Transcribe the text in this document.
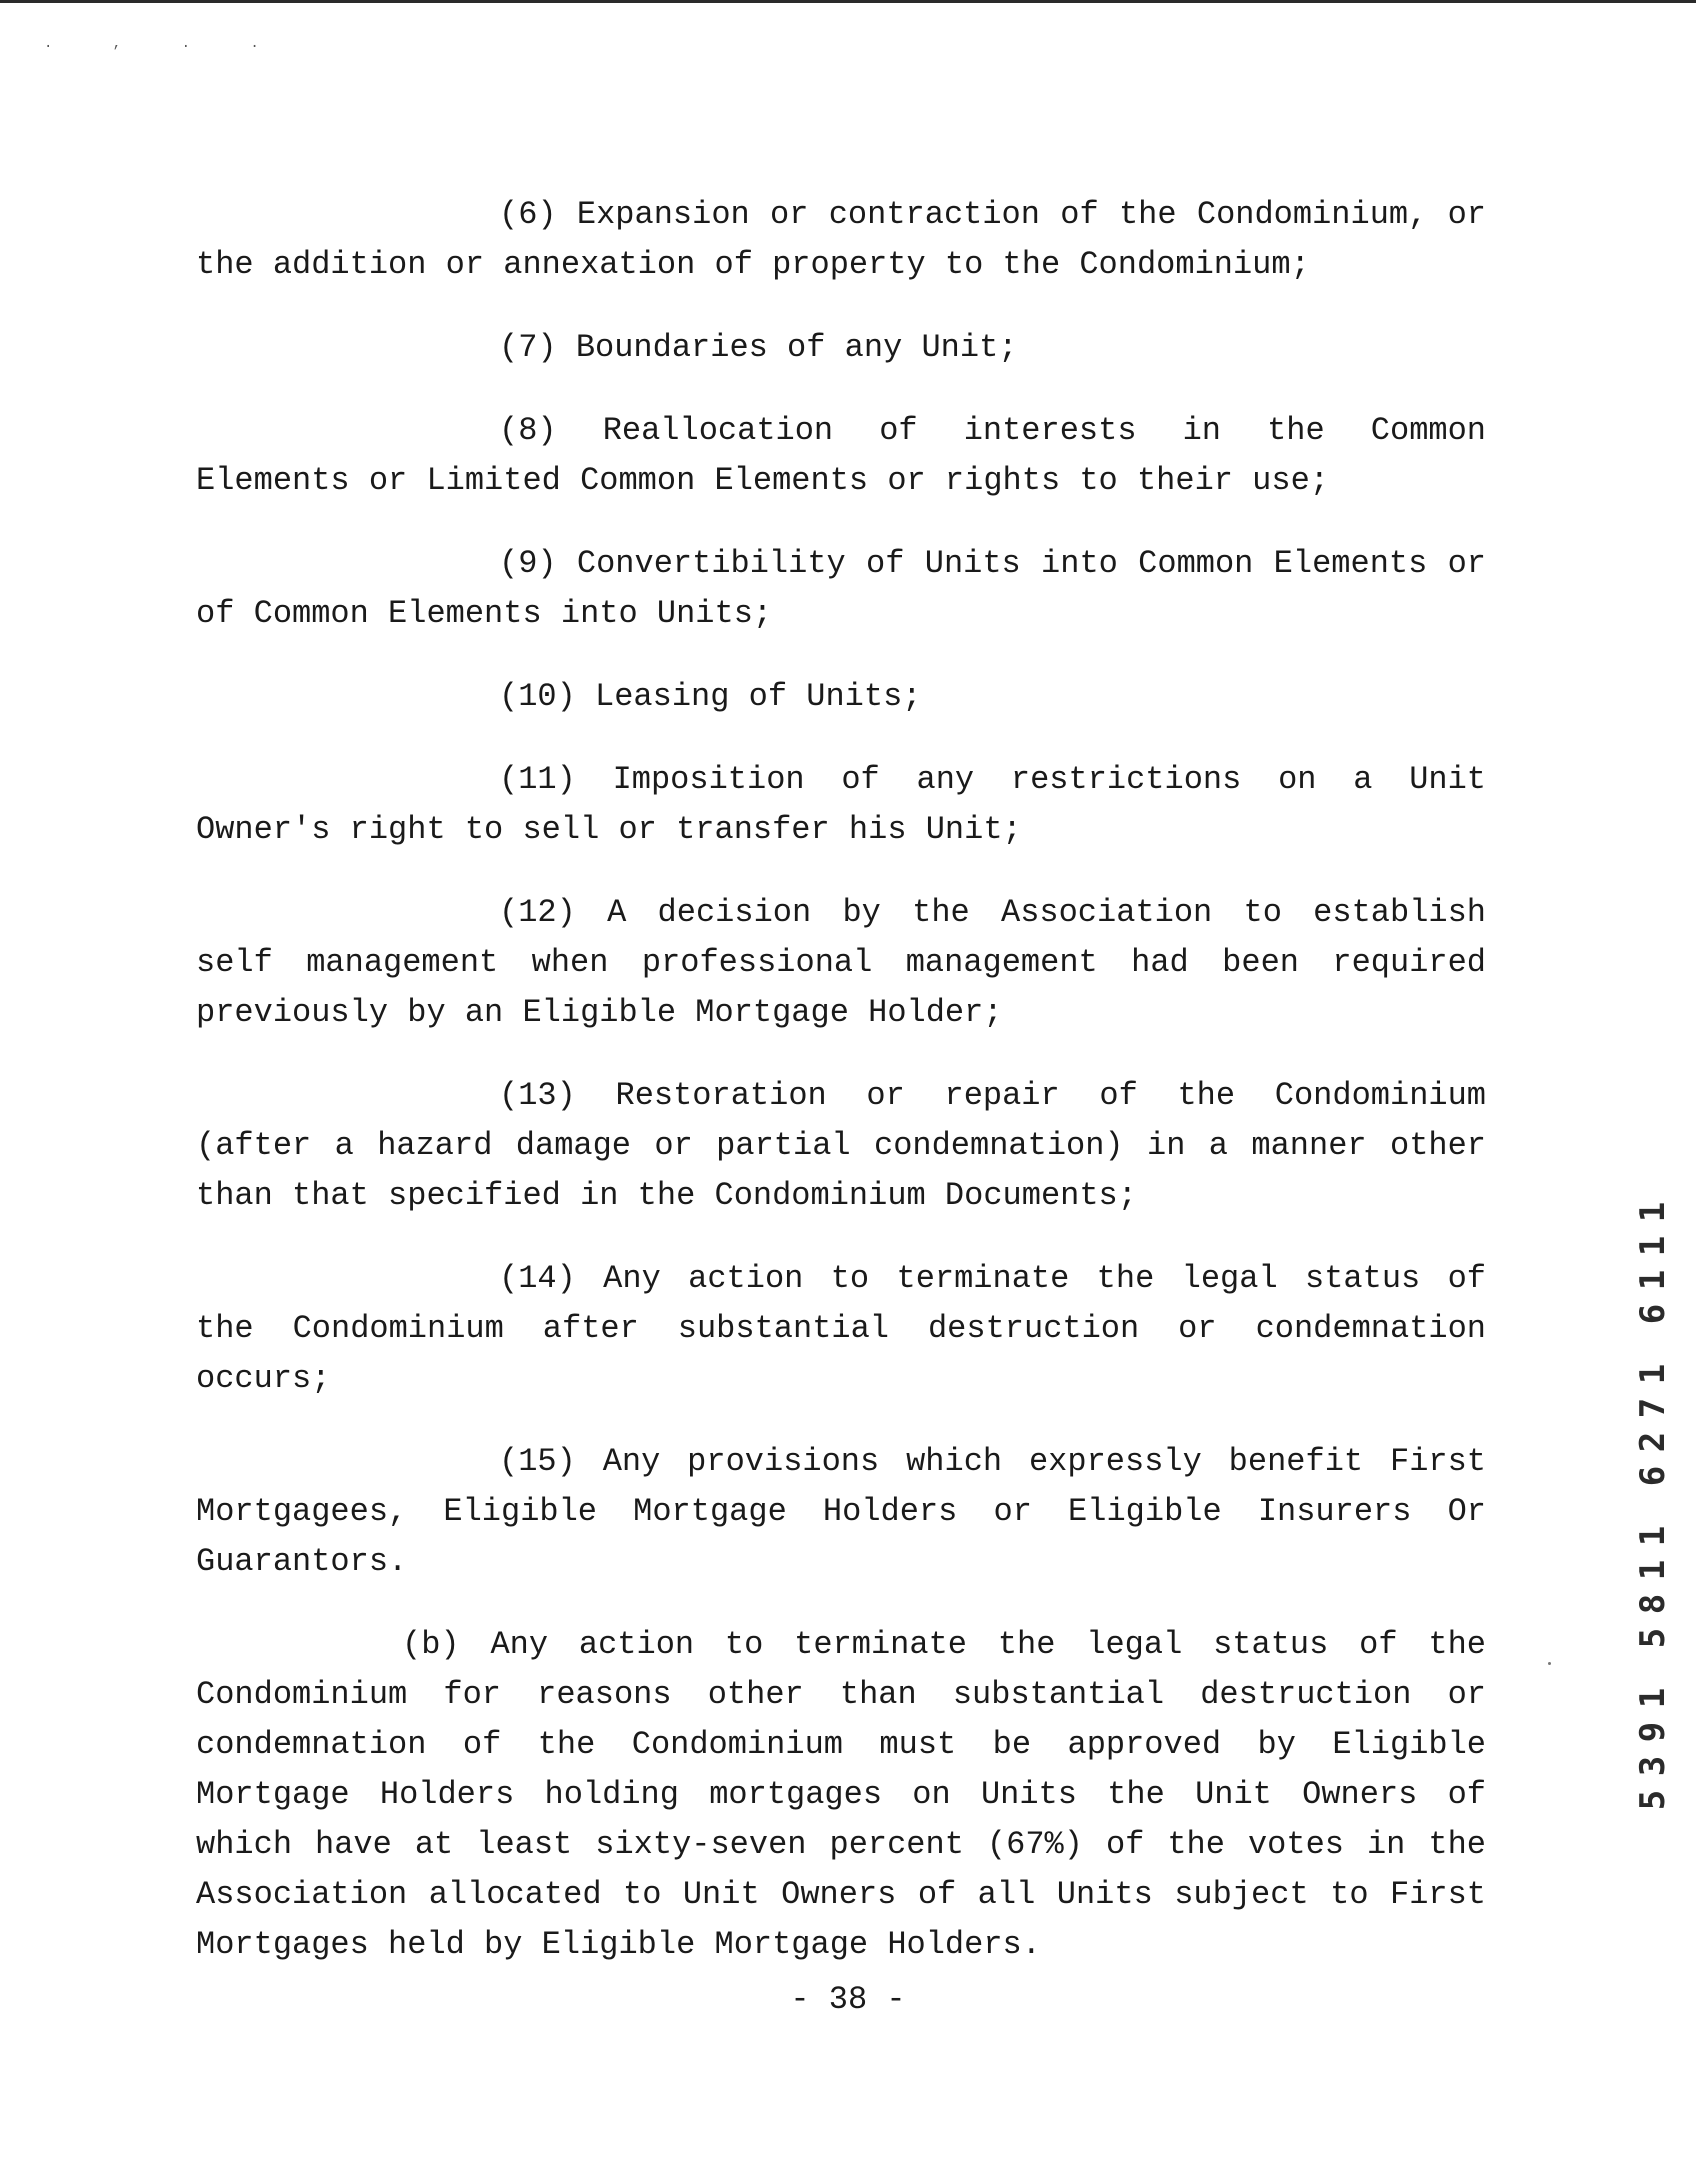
. , . .

(6) Expansion or contraction of the Condominium, or the addition or annexation of property to the Condominium;

(7) Boundaries of any Unit;

(8) Reallocation of interests in the Common Elements or Limited Common Elements or rights to their use;

(9) Convertibility of Units into Common Elements or of Common Elements into Units;

(10) Leasing of Units;

(11) Imposition of any restrictions on a Unit Owner's right to sell or transfer his Unit;

(12) A decision by the Association to establish self management when professional management had been required previously by an Eligible Mortgage Holder;

(13) Restoration or repair of the Condominium (after a hazard damage or partial condemnation) in a manner other than that specified in the Condominium Documents;

(14) Any action to terminate the legal status of the Condominium after substantial destruction or condemnation occurs;

(15) Any provisions which expressly benefit First Mortgagees, Eligible Mortgage Holders or Eligible Insurers Or Guarantors.

(b) Any action to terminate the legal status of the Condominium for reasons other than substantial destruction or condemnation of the Condominium must be approved by Eligible Mortgage Holders holding mortgages on Units the Unit Owners of which have at least sixty-seven percent (67%) of the votes in the Association allocated to Unit Owners of all Units subject to First Mortgages held by Eligible Mortgage Holders.

- 38 -
1
1
1
6
1
7
2
6
1
1
8
5
1
9
3
5
